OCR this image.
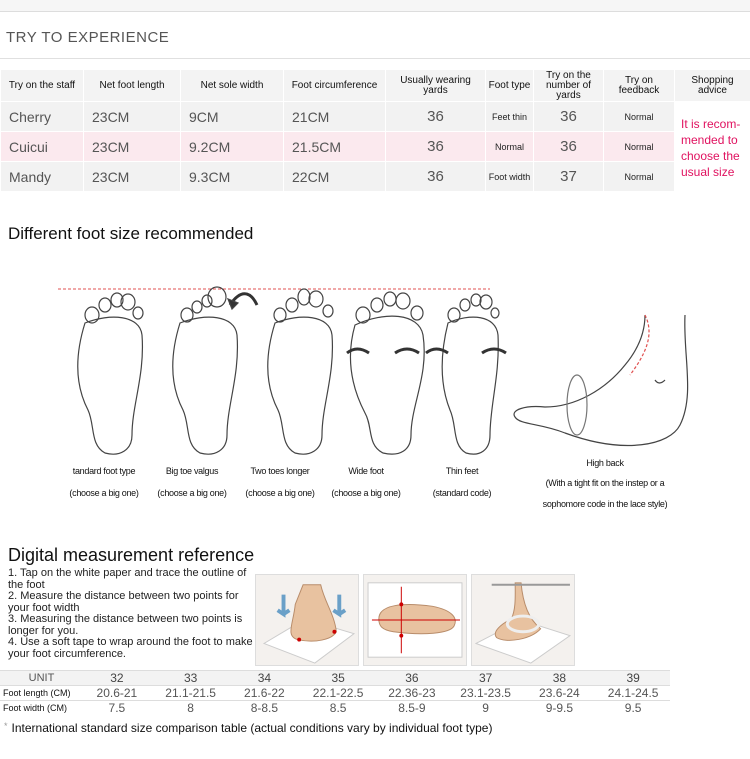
TRY TO EXPERIENCE
Try on the staff	Net foot length	Net sole width	Foot circumference	Usually wearing yards	Foot type	Try on the number of yards	Try on feedback	Shopping advice
Cherry	23CM	9CM	21CM	36	Feet thin	36	Normal	It is recom-mended to choose the usual size
Cuicui	23CM	9.2CM	21.5CM	36	Normal	36	Normal	
Mandy	23CM	9.3CM	22CM	36	Foot width	37	Normal	
Different foot size recommended
tandard foot type
(choose a big one)
Big toe valgus
(choose a big one)
Two toes longer
(choose a big one)
Wide foot
(choose a big one)
Thin feet
(standard code)
High back
(With a tight fit on the instep or a
sophomore code in the lace style)
Digital measurement reference
1. Tap on the white paper and trace the outline of the foot
2. Measure the distance between two points for your foot width
3. Measuring the distance between two points is longer for you.
4. Use a soft tape to wrap around the foot to make your foot circumference.
UNIT	32	33	34	35	36	37	38	39
Foot length (CM)	20.6-21	21.1-21.5	21.6-22	22.1-22.5	22.36-23	23.1-23.5	23.6-24	24.1-24.5
Foot width (CM)	7.5	8	8-8.5	8.5	8.5-9	9	9-9.5	9.5
* International standard size comparison table (actual conditions vary by individual foot type)
